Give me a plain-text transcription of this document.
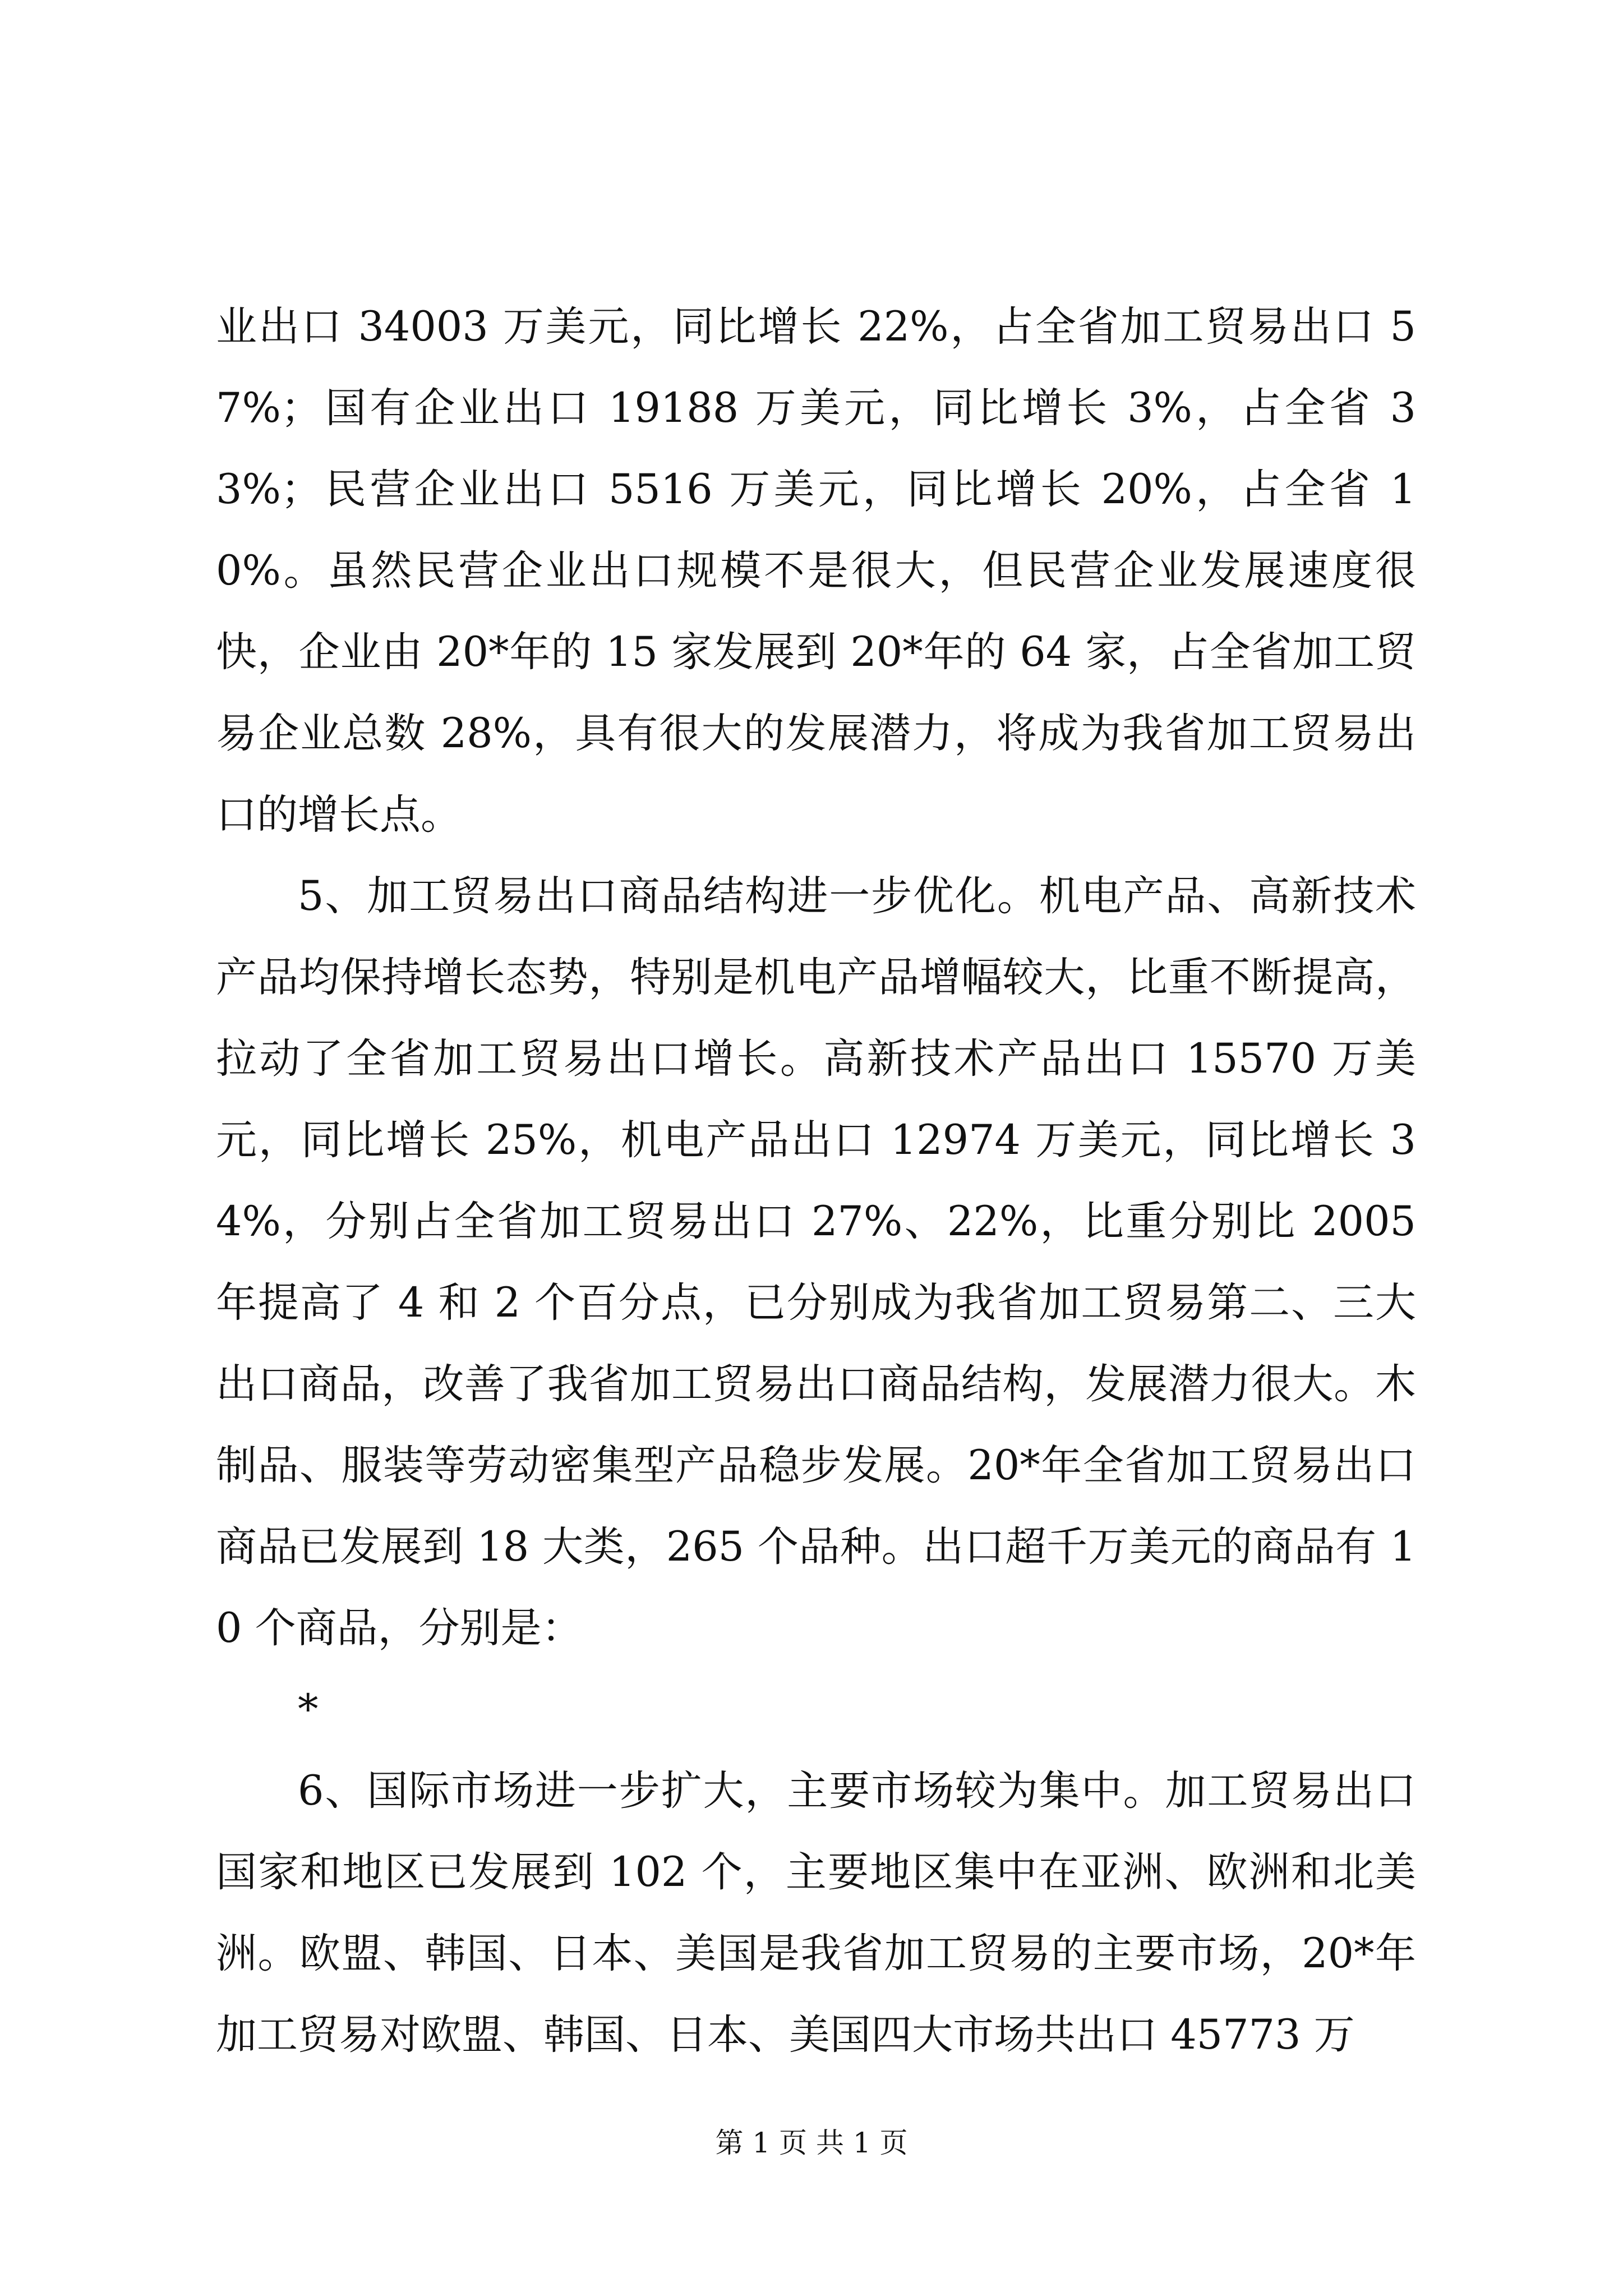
业出口 34003 万美元，同比增长 22%，占全省加工贸易出口 57%；国有企业出口 19188 万美元，同比增长 3%，占全省 33%；民营企业出口 5516 万美元，同比增长 20%，占全省 10%。虽然民营企业出口规模不是很大，但民营企业发展速度很快，企业由 20*年的 15 家发展到 20*年的 64 家，占全省加工贸易企业总数 28%，具有很大的发展潜力，将成为我省加工贸易出口的增长点。

5、加工贸易出口商品结构进一步优化。机电产品、高新技术产品均保持增长态势，特别是机电产品增幅较大，比重不断提高，拉动了全省加工贸易出口增长。高新技术产品出口 15570 万美元，同比增长 25%，机电产品出口 12974 万美元，同比增长 34%，分别占全省加工贸易出口 27%、22%，比重分别比 2005 年提高了 4 和 2 个百分点，已分别成为我省加工贸易第二、三大出口商品，改善了我省加工贸易出口商品结构，发展潜力很大。木制品、服装等劳动密集型产品稳步发展。20*年全省加工贸易出口商品已发展到 18 大类，265 个品种。出口超千万美元的商品有 10 个商品，分别是：

*

6、国际市场进一步扩大，主要市场较为集中。加工贸易出口国家和地区已发展到 102 个，主要地区集中在亚洲、欧洲和北美洲。欧盟、韩国、日本、美国是我省加工贸易的主要市场，20*年加工贸易对欧盟、韩国、日本、美国四大市场共出口 45773 万

第 1 页 共 1 页
